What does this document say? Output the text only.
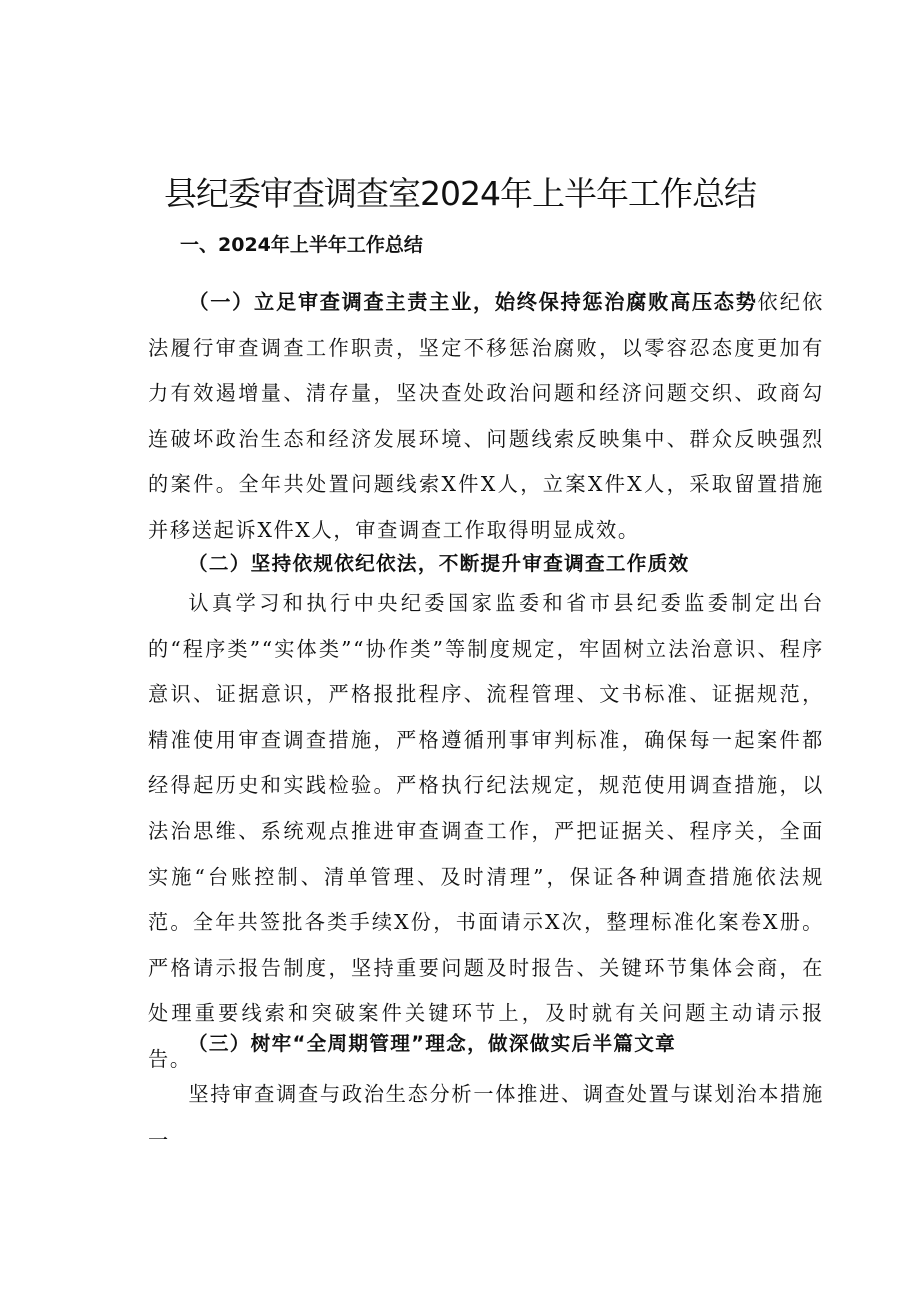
县纪委审查调查室2024年上半年工作总结
一、2024年上半年工作总结

（一）立足审查调查主责主业，始终保持惩治腐败高压态势依纪依法履行审查调查工作职责，坚定不移惩治腐败，以零容忍态度更加有力有效遏增量、清存量，坚决查处政治问题和经济问题交织、政商勾连破坏政治生态和经济发展环境、问题线索反映集中、群众反映强烈的案件。全年共处置问题线索X件X人，立案X件X人，采取留置措施并移送起诉X件X人，审查调查工作取得明显成效。

（二）坚持依规依纪依法，不断提升审查调查工作质效

认真学习和执行中央纪委国家监委和省市县纪委监委制定出台的“程序类”“实体类”“协作类”等制度规定，牢固树立法治意识、程序意识、证据意识，严格报批程序、流程管理、文书标准、证据规范，精准使用审查调查措施，严格遵循刑事审判标准，确保每一起案件都经得起历史和实践检验。严格执行纪法规定，规范使用调查措施，以法治思维、系统观点推进审查调查工作，严把证据关、程序关，全面实施“台账控制、清单管理、及时清理”，保证各种调查措施依法规范。全年共签批各类手续X份，书面请示X次，整理标准化案卷X册。严格请示报告制度，坚持重要问题及时报告、关键环节集体会商，在处理重要线索和突破案件关键环节上，及时就有关问题主动请示报告。

（三）树牢“全周期管理”理念，做深做实后半篇文章

坚持审查调查与政治生态分析一体推进、调查处置与谋划治本措施一
